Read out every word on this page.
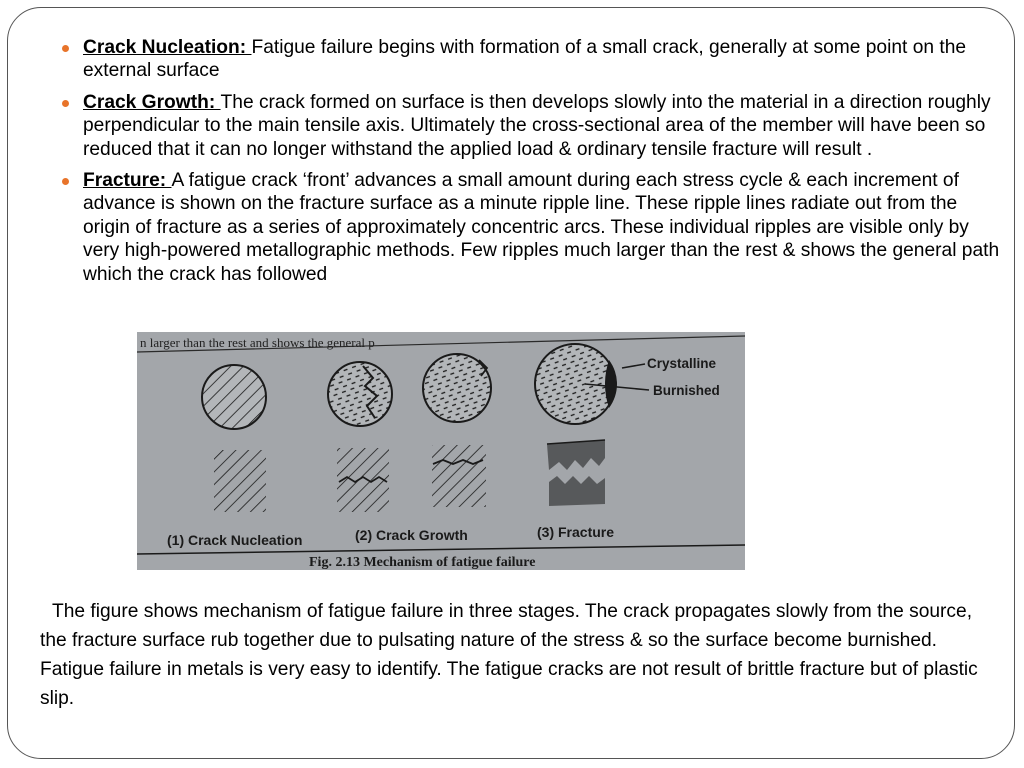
Crack Nucleation: Fatigue failure begins with formation of a small crack, generally at some point on the external surface
Crack Growth: The crack formed on surface is then develops slowly into the material in a direction roughly perpendicular to the main tensile axis. Ultimately the cross-sectional area of the member will have been so reduced that it can no longer withstand the applied load & ordinary tensile fracture will result .
Fracture: A fatigue crack ‘front’ advances a small amount during each stress cycle & each increment of advance is shown on the fracture surface as a minute ripple line. These ripple lines radiate out from the origin of fracture as a series of approximately concentric arcs. These individual ripples are visible only by very high-powered metallographic methods. Few ripples much larger than the rest & shows the general path which the crack has followed
n larger than the rest and shows the general p
Crystalline
Burnished
(1) Crack Nucleation	(2) Crack Growth	(3) Fracture
Fig. 2.13 Mechanism of fatigue failure

The figure shows mechanism of fatigue failure in three stages. The crack propagates slowly from the source, the fracture surface rub together due to pulsating nature of the stress & so the surface become burnished. Fatigue failure in metals is very easy to identify. The fatigue cracks are not result of brittle fracture but of plastic slip.
